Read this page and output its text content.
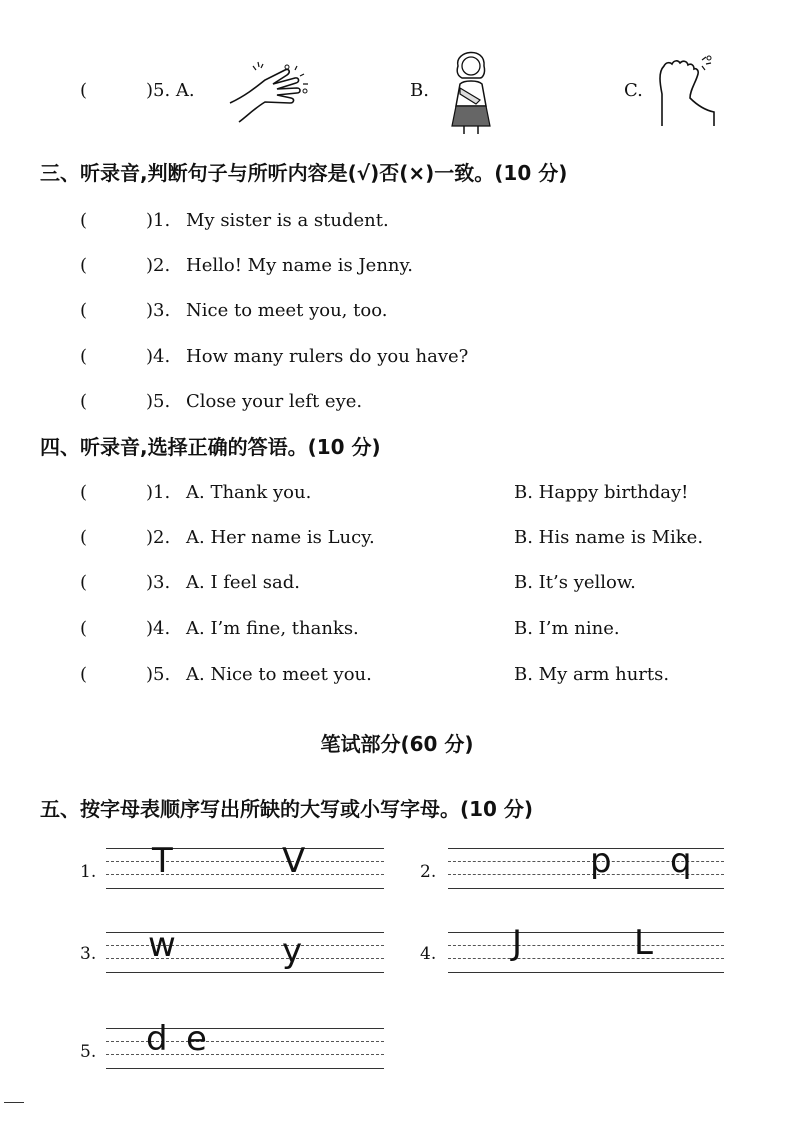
(	)5. A.	B.	C.
三、听录音,判断句子与所听内容是(√)否(×)一致。(10 分)
(	)1. My sister is a student.
(	)2. Hello! My name is Jenny.
(	)3. Nice to meet you, too.
(	)4. How many rulers do you have?
(	)5. Close your left eye.
四、听录音,选择正确的答语。(10 分)
(	)1. A. Thank you.	B. Happy birthday!
(	)2. A. Her name is Lucy.	B. His name is Mike.
(	)3. A. I feel sad.	B. It’s yellow.
(	)4. A. I’m fine, thanks.	B. I’m nine.
(	)5. A. Nice to meet you.	B. My arm hurts.
笔试部分(60 分)
五、按字母表顺序写出所缺的大写或小写字母。(10 分)
1. T	V	2.	p q
3. w	y	4. J	L
5. d e
